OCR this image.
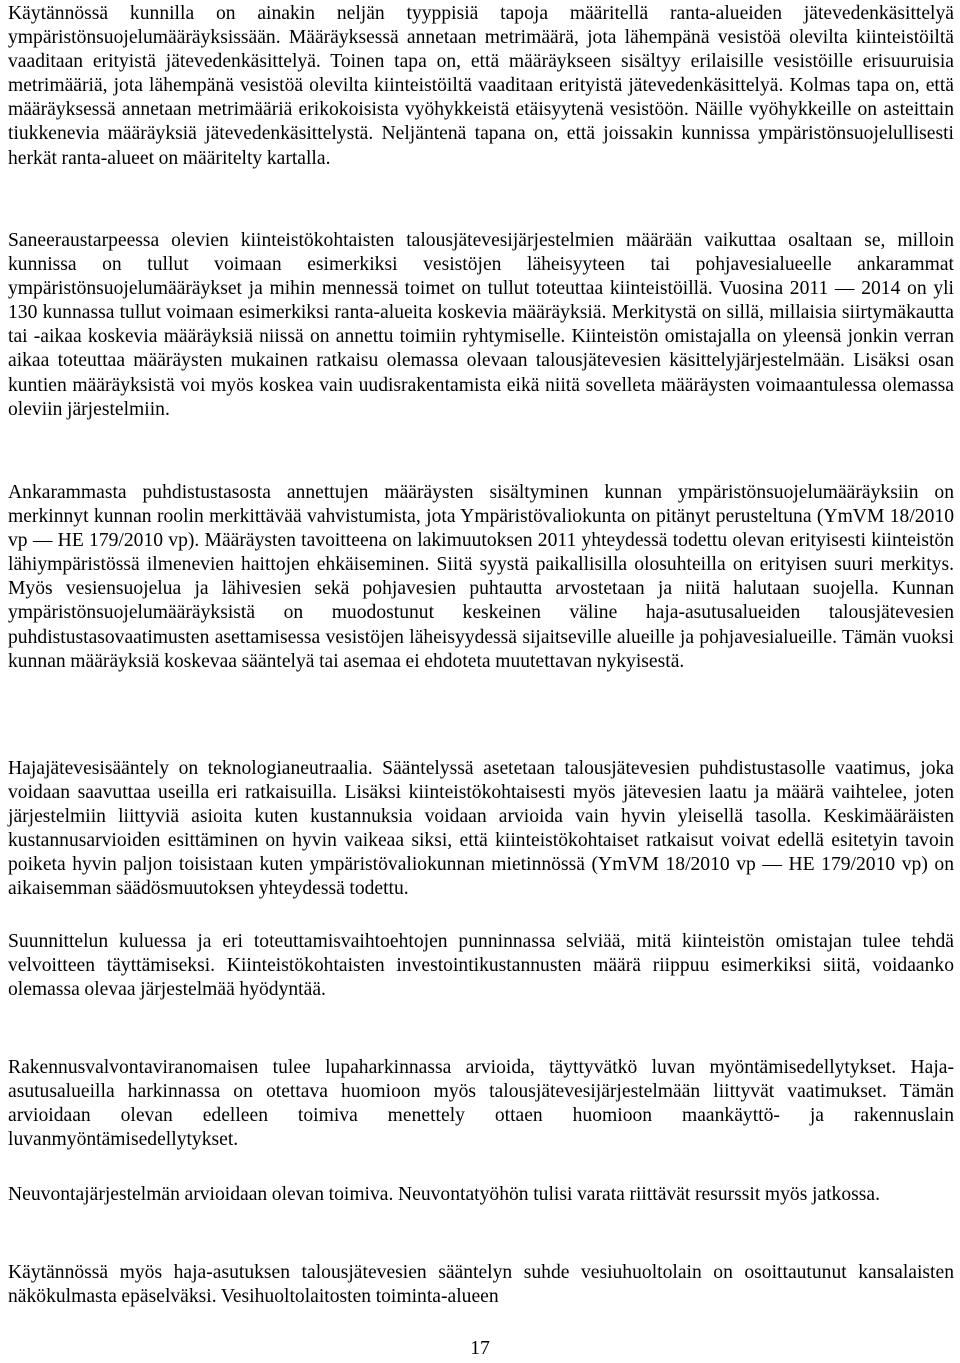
Käytännössä kunnilla on ainakin neljän tyyppisiä tapoja määritellä ranta-alueiden jätevedenkäsittelyä ympäristönsuojelumääräyksissään. Määräyksessä annetaan metrimäärä, jota lähempänä vesistöä olevilta kiinteistöiltä vaaditaan erityistä jätevedenkäsittelyä. Toinen tapa on, että määräykseen sisältyy erilaisille vesistöille erisuuruisia metrimääriä, jota lähempänä vesistöä olevilta kiinteistöiltä vaaditaan erityistä jätevedenkäsittelyä. Kolmas tapa on, että määräyksessä annetaan metrimääriä erikokoisista vyöhykkeistä etäisyytenä vesistöön. Näille vyöhykkeille on asteittain tiukkenevia määräyksiä jätevedenkäsittelystä. Neljäntenä tapana on, että joissakin kunnissa ympäristönsuojelullisesti herkät ranta-alueet on määritelty kartalla.

Saneeraustarpeessa olevien kiinteistökohtaisten talousjätevesijärjestelmien määrään vaikuttaa osaltaan se, milloin kunnissa on tullut voimaan esimerkiksi vesistöjen läheisyyteen tai pohjavesialueelle ankarammat ympäristönsuojelumääräykset ja mihin mennessä toimet on tullut toteuttaa kiinteistöillä. Vuosina 2011 — 2014 on yli 130 kunnassa tullut voimaan esimerkiksi ranta-alueita koskevia määräyksiä. Merkitystä on sillä, millaisia siirtymäkautta tai -aikaa koskevia määräyksiä niissä on annettu toimiin ryhtymiselle. Kiinteistön omistajalla on yleensä jonkin verran aikaa toteuttaa määräysten mukainen ratkaisu olemassa olevaan talousjätevesien käsittelyjärjestelmään. Lisäksi osan kuntien määräyksistä voi myös koskea vain uudisrakentamista eikä niitä sovelleta määräysten voimaantulessa olemassa oleviin järjestelmiin.

Ankarammasta puhdistustasosta annettujen määräysten sisältyminen kunnan ympäristönsuojelumääräyksiin on merkinnyt kunnan roolin merkittävää vahvistumista, jota Ympäristövaliokunta on pitänyt perusteltuna (YmVM 18/2010 vp — HE 179/2010 vp). Määräysten tavoitteena on lakimuutoksen 2011 yhteydessä todettu olevan erityisesti kiinteistön lähiympäristössä ilmenevien haittojen ehkäiseminen. Siitä syystä paikallisilla olosuhteilla on erityisen suuri merkitys. Myös vesiensuojelua ja lähivesien sekä pohjavesien puhtautta arvostetaan ja niitä halutaan suojella. Kunnan ympäristönsuojelumääräyksistä on muodostunut keskeinen väline haja-asutusalueiden talousjätevesien puhdistustasovaatimusten asettamisessa vesistöjen läheisyydessä sijaitseville alueille ja pohjavesialueille. Tämän vuoksi kunnan määräyksiä koskevaa sääntelyä tai asemaa ei ehdoteta muutettavan nykyisestä.

Hajajätevesisääntely on teknologianeutraalia. Sääntelyssä asetetaan talousjätevesien puhdistustasolle vaatimus, joka voidaan saavuttaa useilla eri ratkaisuilla. Lisäksi kiinteistökohtaisesti myös jätevesien laatu ja määrä vaihtelee, joten järjestelmiin liittyviä asioita kuten kustannuksia voidaan arvioida vain hyvin yleisellä tasolla. Keskimääräisten kustannusarvioiden esittäminen on hyvin vaikeaa siksi, että kiinteistökohtaiset ratkaisut voivat edellä esitetyin tavoin poiketa hyvin paljon toisistaan kuten ympäristövaliokunnan mietinnössä (YmVM 18/2010 vp — HE 179/2010 vp) on aikaisemman säädösmuutoksen yhteydessä todettu.

Suunnittelun kuluessa ja eri toteuttamisvaihtoehtojen punninnassa selviää, mitä kiinteistön omistajan tulee tehdä velvoitteen täyttämiseksi. Kiinteistökohtaisten investointikustannusten määrä riippuu esimerkiksi siitä, voidaanko olemassa olevaa järjestelmää hyödyntää.

Rakennusvalvontaviranomaisen tulee lupaharkinnassa arvioida, täyttyvätkö luvan myöntämisedellytykset. Haja-asutusalueilla harkinnassa on otettava huomioon myös talousjätevesijärjestelmään liittyvät vaatimukset. Tämän arvioidaan olevan edelleen toimiva menettely ottaen huomioon maankäyttö- ja rakennuslain luvanmyöntämisedellytykset.

Neuvontajärjestelmän arvioidaan olevan toimiva. Neuvontatyöhön tulisi varata riittävät resurssit myös jatkossa.

Käytännössä myös haja-asutuksen talousjätevesien sääntelyn suhde vesiuhuoltolain on osoittautunut kansalaisten näkökulmasta epäselväksi. Vesihuoltolaitosten toiminta-alueen

17
